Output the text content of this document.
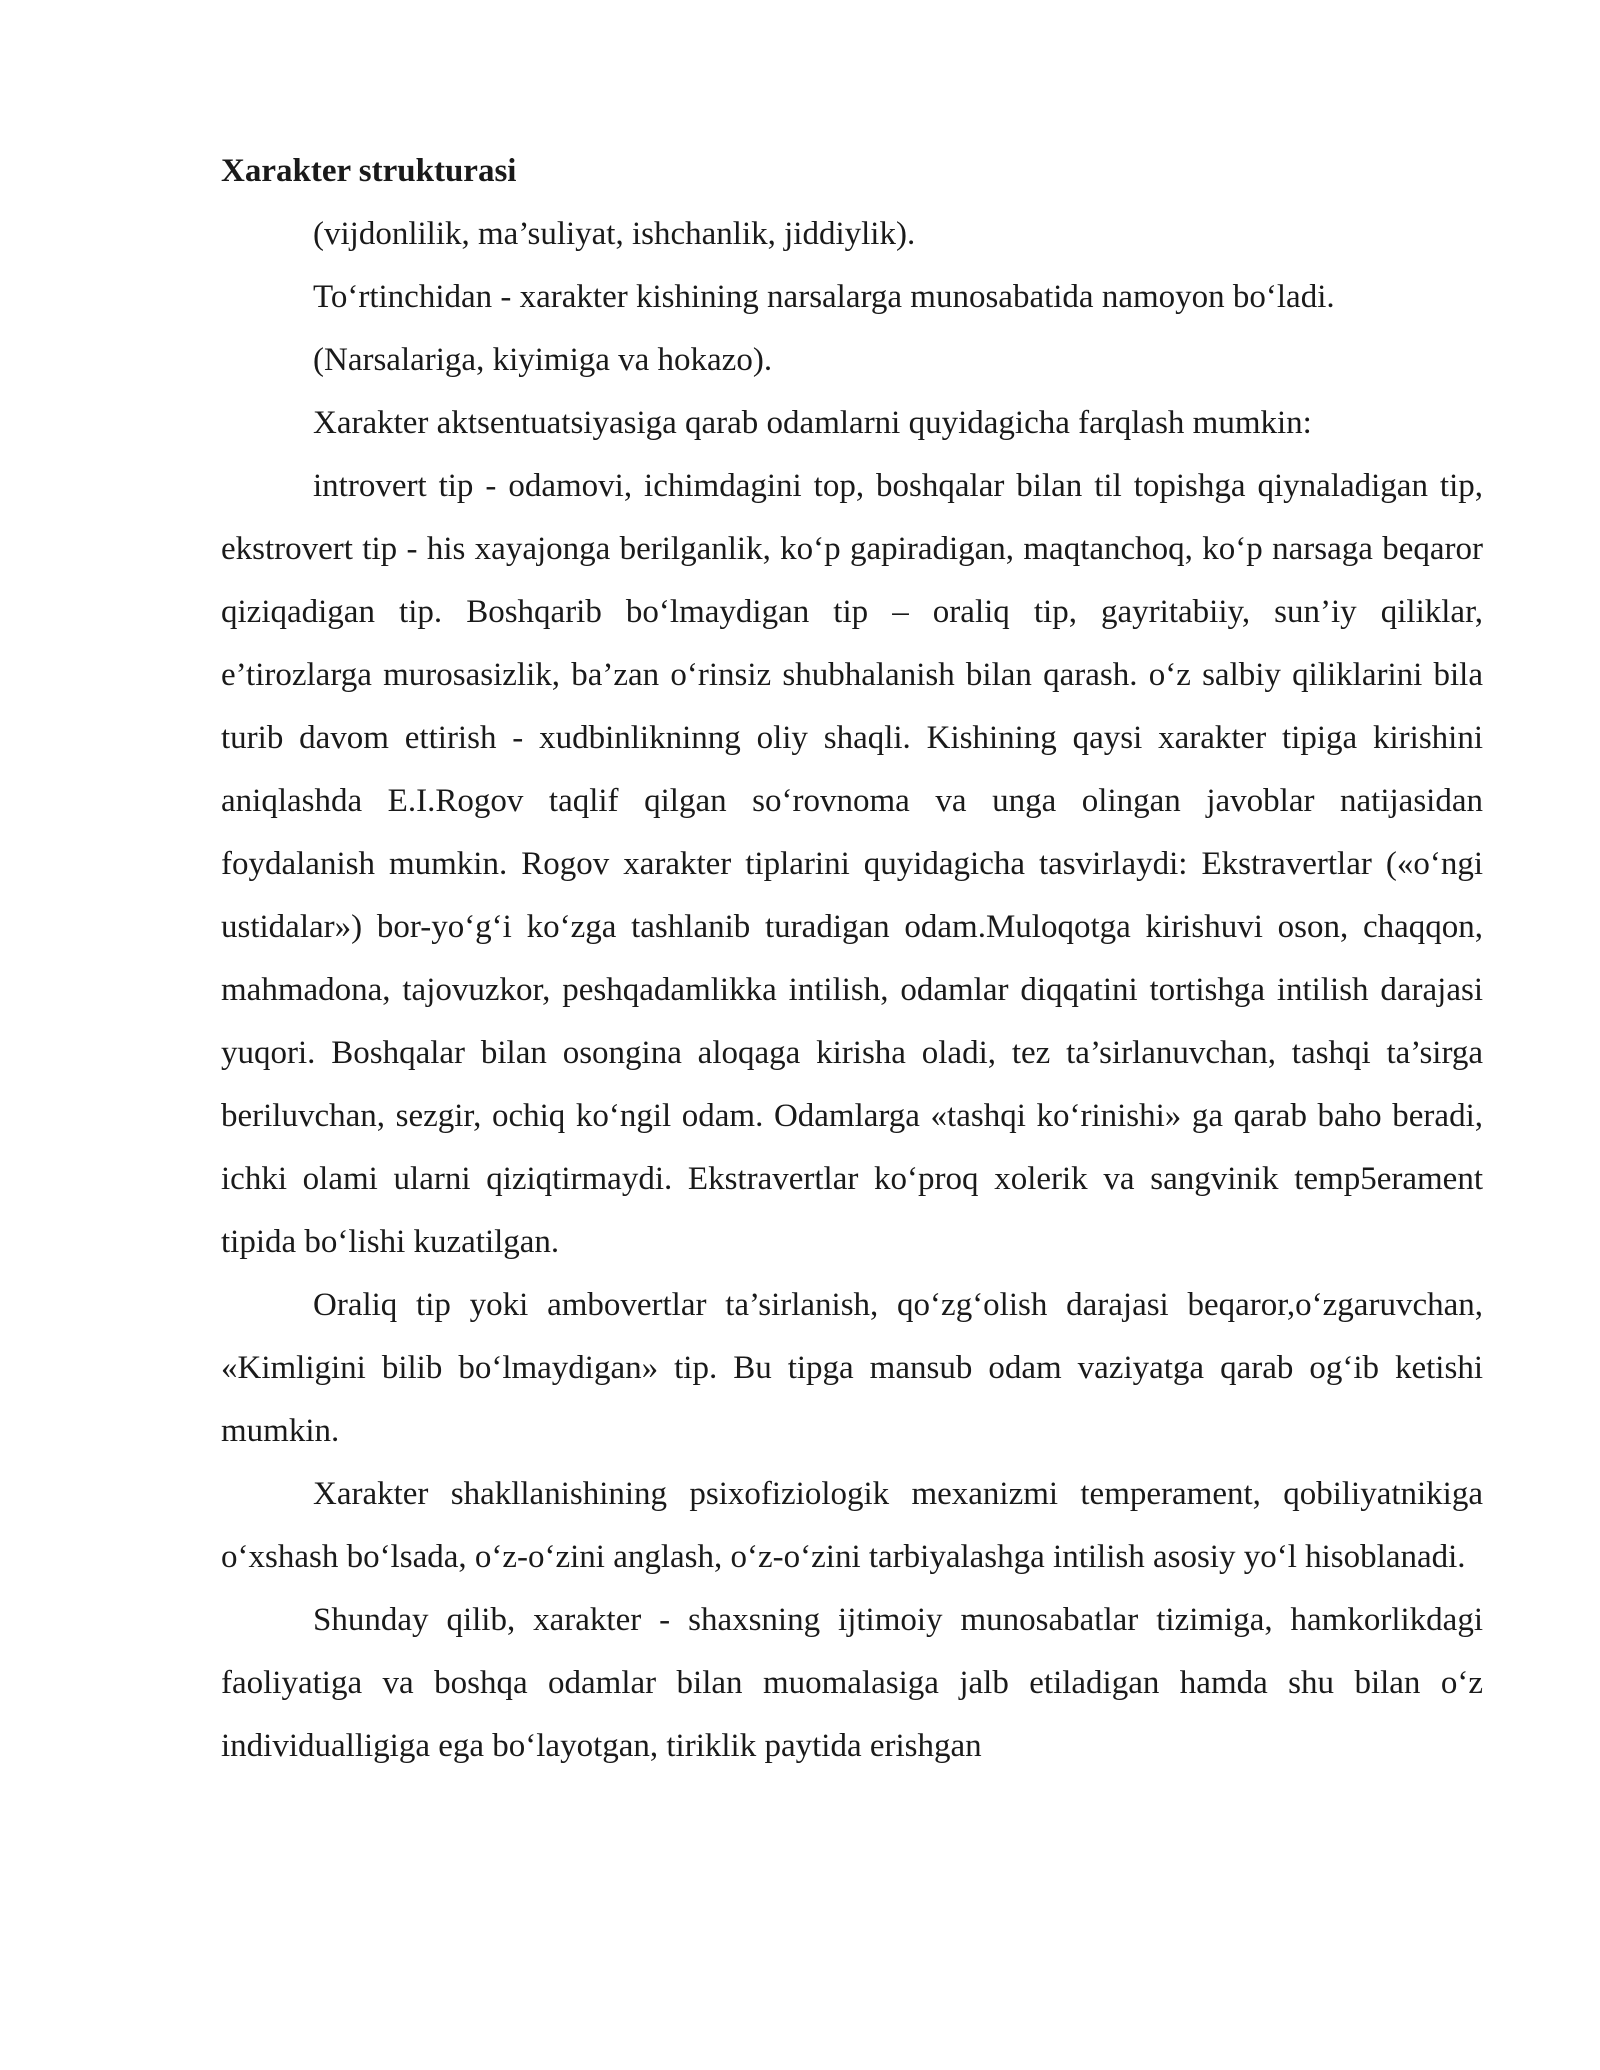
Xarakter strukturasi

(vijdonlilik, ma’suliyat, ishchanlik, jiddiylik).

To‘rtinchidan - xarakter kishining narsalarga munosabatida namoyon bo‘ladi.

(Narsalariga, kiyimiga va hokazo).

Xarakter aktsentuatsiyasiga qarab odamlarni quyidagicha farqlash mumkin:

introvert tip - odamovi, ichimdagini top, boshqalar bilan til topishga qiynaladigan tip, ekstrovert tip - his xayajonga berilganlik, ko‘p gapiradigan, maqtanchoq, ko‘p narsaga beqaror qiziqadigan tip. Boshqarib bo‘lmaydigan tip – oraliq tip, gayritabiiy, sun’iy qiliklar, e’tirozlarga murosasizlik, ba’zan o‘rinsiz shubhalanish bilan qarash. o‘z salbiy qiliklarini bila turib davom ettirish - xudbinlikninng oliy shaqli. Kishining qaysi xarakter tipiga kirishini aniqlashda E.I.Rogov taqlif qilgan so‘rovnoma va unga olingan javoblar natijasidan foydalanish mumkin. Rogov xarakter tiplarini quyidagicha tasvirlaydi: Ekstravertlar («o‘ngi ustidalar») bor-yo‘g‘i ko‘zga tashlanib turadigan odam.Muloqotga kirishuvi oson, chaqqon, mahmadona, tajovuzkor, peshqadamlikka intilish, odamlar diqqatini tortishga intilish darajasi yuqori. Boshqalar bilan osongina aloqaga kirisha oladi, tez ta’sirlanuvchan, tashqi ta’sirga beriluvchan, sezgir, ochiq ko‘ngil odam. Odamlarga «tashqi ko‘rinishi» ga qarab baho beradi, ichki olami ularni qiziqtirmaydi. Ekstravertlar ko‘proq xolerik va sangvinik temp5erament tipida bo‘lishi kuzatilgan.

Oraliq tip yoki ambovertlar ta’sirlanish, qo‘zg‘olish darajasi beqaror,o‘zgaruvchan, «Kimligini bilib bo‘lmaydigan» tip. Bu tipga mansub odam vaziyatga qarab og‘ib ketishi mumkin.

Xarakter shakllanishining psixofiziologik mexanizmi temperament, qobiliyatnikiga o‘xshash bo‘lsada, o‘z-o‘zini anglash, o‘z-o‘zini tarbiyalashga intilish asosiy yo‘l hisoblanadi.

Shunday qilib, xarakter - shaxsning ijtimoiy munosabatlar tizimiga, hamkorlikdagi faoliyatiga va boshqa odamlar bilan muomalasiga jalb etiladigan hamda shu bilan o‘z individualligiga ega bo‘layotgan, tiriklik paytida erishgan
